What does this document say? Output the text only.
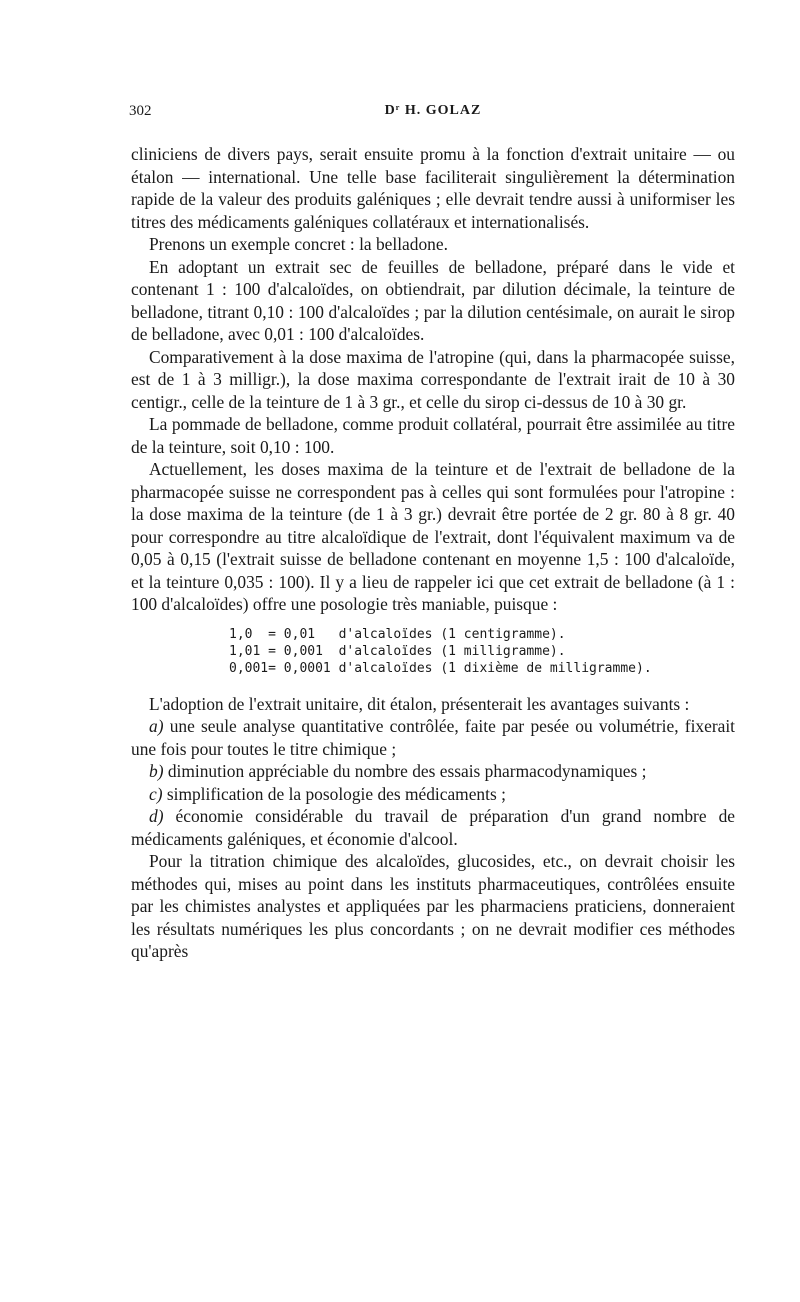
302	Dʳ H. GOLAZ

cliniciens de divers pays, serait ensuite promu à la fonction d'extrait unitaire — ou étalon — international. Une telle base faciliterait singulièrement la détermination rapide de la valeur des produits galéniques ; elle devrait tendre aussi à uniformiser les titres des médicaments galéniques collatéraux et internationalisés.

Prenons un exemple concret : la belladone.

En adoptant un extrait sec de feuilles de belladone, préparé dans le vide et contenant 1 : 100 d'alcaloïdes, on obtiendrait, par dilution décimale, la teinture de belladone, titrant 0,10 : 100 d'alcaloïdes ; par la dilution centésimale, on aurait le sirop de belladone, avec 0,01 : 100 d'alcaloïdes.

Comparativement à la dose maxima de l'atropine (qui, dans la pharmacopée suisse, est de 1 à 3 milligr.), la dose maxima correspondante de l'extrait irait de 10 à 30 centigr., celle de la teinture de 1 à 3 gr., et celle du sirop ci-dessus de 10 à 30 gr.

La pommade de belladone, comme produit collatéral, pourrait être assimilée au titre de la teinture, soit 0,10 : 100.

Actuellement, les doses maxima de la teinture et de l'extrait de belladone de la pharmacopée suisse ne correspondent pas à celles qui sont formulées pour l'atropine : la dose maxima de la teinture (de 1 à 3 gr.) devrait être portée de 2 gr. 80 à 8 gr. 40 pour correspondre au titre alcaloïdique de l'extrait, dont l'équivalent maximum va de 0,05 à 0,15 (l'extrait suisse de belladone contenant en moyenne 1,5 : 100 d'alcaloïde, et la teinture 0,035 : 100). Il y a lieu de rappeler ici que cet extrait de belladone (à 1 : 100 d'alcaloïdes) offre une posologie très maniable, puisque :

1,0  = 0,01   d'alcaloïdes (1 centigramme).
1,01 = 0,001  d'alcaloïdes (1 milligramme).
0,001= 0,0001 d'alcaloïdes (1 dixième de milligramme).

L'adoption de l'extrait unitaire, dit étalon, présenterait les avantages suivants :

a) une seule analyse quantitative contrôlée, faite par pesée ou volumétrie, fixerait une fois pour toutes le titre chimique ;

b) diminution appréciable du nombre des essais pharmacodynamiques ;

c) simplification de la posologie des médicaments ;

d) économie considérable du travail de préparation d'un grand nombre de médicaments galéniques, et économie d'alcool.

Pour la titration chimique des alcaloïdes, glucosides, etc., on devrait choisir les méthodes qui, mises au point dans les instituts pharmaceutiques, contrôlées ensuite par les chimistes analystes et appliquées par les pharmaciens praticiens, donneraient les résultats numériques les plus concordants ; on ne devrait modifier ces méthodes qu'après
